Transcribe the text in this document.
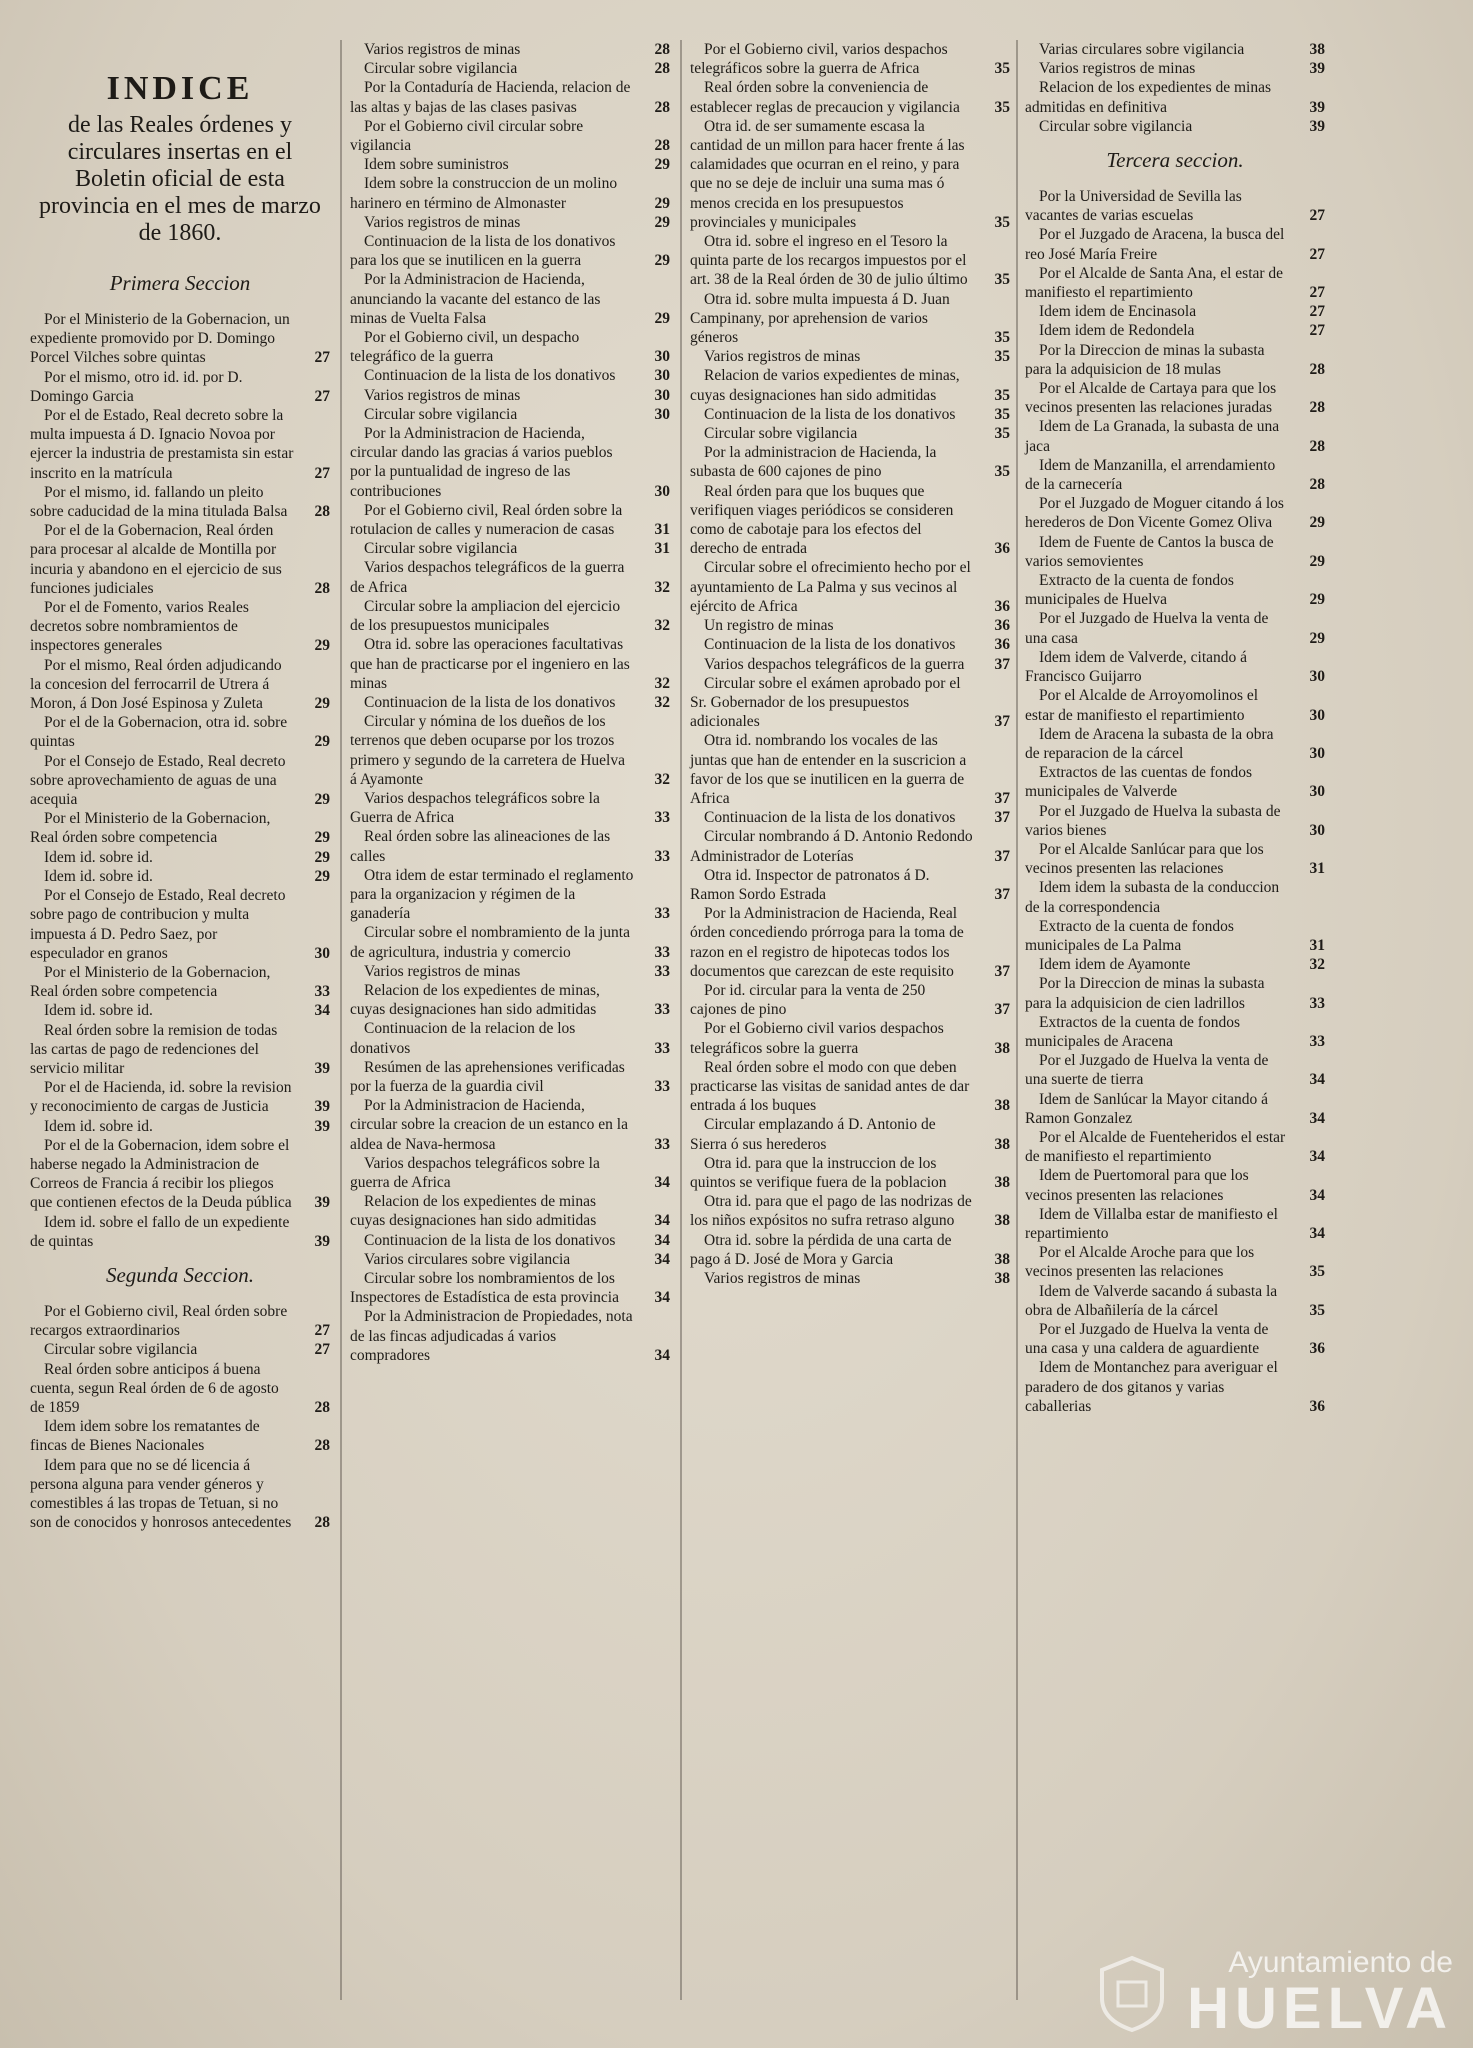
INDICE
de las Reales órdenes y circulares insertas en el Boletin oficial de esta provincia en el mes de marzo de 1860.
Primera Seccion
Por el Ministerio de la Gobernacion, un expediente promovido por D. Domingo Porcel Vilches sobre quintas	27
Por el mismo, otro id. id. por D. Domingo Garcia	27
Por el de Estado, Real decreto sobre la multa impuesta á D. Ignacio Novoa por ejercer la industria de prestamista sin estar inscrito en la matrícula	27
Por el mismo, id. fallando un pleito sobre caducidad de la mina titulada Balsa	28
Por el de la Gobernacion, Real órden para procesar al alcalde de Montilla por incuria y abandono en el ejercicio de sus funciones judiciales	28
Por el de Fomento, varios Reales decretos sobre nombramientos de inspectores generales	29
Por el mismo, Real órden adjudicando la concesion del ferrocarril de Utrera á Moron, á Don José Espinosa y Zuleta	29
Por el de la Gobernacion, otra id. sobre quintas	29
Por el Consejo de Estado, Real decreto sobre aprovechamiento de aguas de una acequia	29
Por el Ministerio de la Gobernacion, Real órden sobre competencia	29
Idem id. sobre id.	29
Idem id. sobre id.	29
Por el Consejo de Estado, Real decreto sobre pago de contribucion y multa impuesta á D. Pedro Saez, por especulador en granos	30
Por el Ministerio de la Gobernacion, Real órden sobre competencia	33
Idem id. sobre id.	34
Real órden sobre la remision de todas las cartas de pago de redenciones del servicio militar	39
Por el de Hacienda, id. sobre la revision y reconocimiento de cargas de Justicia	39
Idem id. sobre id.	39
Por el de la Gobernacion, idem sobre el haberse negado la Administracion de Correos de Francia á recibir los pliegos que contienen efectos de la Deuda pública	39
Idem id. sobre el fallo de un expediente de quintas	39
Segunda Seccion.
Por el Gobierno civil, Real órden sobre recargos extraordinarios	27
Circular sobre vigilancia	27
Real órden sobre anticipos á buena cuenta, segun Real órden de 6 de agosto de 1859	28
Idem idem sobre los rematantes de fincas de Bienes Nacionales	28
Idem para que no se dé licencia á persona alguna para vender géneros y comestibles á las tropas de Tetuan, si no son de conocidos y honrosos antecedentes	28
Varios registros de minas	28
Circular sobre vigilancia	28
Por la Contaduría de Hacienda, relacion de las altas y bajas de las clases pasivas	28
Por el Gobierno civil circular sobre vigilancia	28
Idem sobre suministros	29
Idem sobre la construccion de un molino harinero en término de Almonaster	29
Varios registros de minas	29
Continuacion de la lista de los donativos para los que se inutilicen en la guerra	29
Por la Administracion de Hacienda, anunciando la vacante del estanco de las minas de Vuelta Falsa	29
Por el Gobierno civil, un despacho telegráfico de la guerra	30
Continuacion de la lista de los donativos	30
Varios registros de minas	30
Circular sobre vigilancia	30
Por la Administracion de Hacienda, circular dando las gracias á varios pueblos por la puntualidad de ingreso de las contribuciones	30
Por el Gobierno civil, Real órden sobre la rotulacion de calles y numeracion de casas	31
Circular sobre vigilancia	31
Varios despachos telegráficos de la guerra de Africa	32
Circular sobre la ampliacion del ejercicio de los presupuestos municipales	32
Otra id. sobre las operaciones facultativas que han de practicarse por el ingeniero en las minas	32
Continuacion de la lista de los donativos	32
Circular y nómina de los dueños de los terrenos que deben ocuparse por los trozos primero y segundo de la carretera de Huelva á Ayamonte	32
Varios despachos telegráficos sobre la Guerra de Africa	33
Real órden sobre las alineaciones de las calles	33
Otra idem de estar terminado el reglamento para la organizacion y régimen de la ganadería	33
Circular sobre el nombramiento de la junta de agricultura, industria y comercio	33
Varios registros de minas	33
Relacion de los expedientes de minas, cuyas designaciones han sido admitidas	33
Continuacion de la relacion de los donativos	33
Resúmen de las aprehensiones verificadas por la fuerza de la guardia civil	33
Por la Administracion de Hacienda, circular sobre la creacion de un estanco en la aldea de Nava-hermosa	33
Varios despachos telegráficos sobre la guerra de Africa	34
Relacion de los expedientes de minas cuyas designaciones han sido admitidas	34
Continuacion de la lista de los donativos	34
Varios circulares sobre vigilancia	34
Circular sobre los nombramientos de los Inspectores de Estadística de esta provincia	34
Por la Administracion de Propiedades, nota de las fincas adjudicadas á varios compradores	34
Por el Gobierno civil, varios despachos telegráficos sobre la guerra de Africa	35
Real órden sobre la conveniencia de establecer reglas de precaucion y vigilancia	35
Otra id. de ser sumamente escasa la cantidad de un millon para hacer frente á las calamidades que ocurran en el reino, y para que no se deje de incluir una suma mas ó menos crecida en los presupuestos provinciales y municipales	35
Otra id. sobre el ingreso en el Tesoro la quinta parte de los recargos impuestos por el art. 38 de la Real órden de 30 de julio último	35
Otra id. sobre multa impuesta á D. Juan Campinany, por aprehension de varios géneros	35
Varios registros de minas	35
Relacion de varios expedientes de minas, cuyas designaciones han sido admitidas	35
Continuacion de la lista de los donativos	35
Circular sobre vigilancia	35
Por la administracion de Hacienda, la subasta de 600 cajones de pino	35
Real órden para que los buques que verifiquen viages periódicos se consideren como de cabotaje para los efectos del derecho de entrada	36
Circular sobre el ofrecimiento hecho por el ayuntamiento de La Palma y sus vecinos al ejército de Africa	36
Un registro de minas	36
Continuacion de la lista de los donativos	36
Varios despachos telegráficos de la guerra	37
Circular sobre el exámen aprobado por el Sr. Gobernador de los presupuestos adicionales	37
Otra id. nombrando los vocales de las juntas que han de entender en la suscricion a favor de los que se inutilicen en la guerra de Africa	37
Continuacion de la lista de los donativos	37
Circular nombrando á D. Antonio Redondo Administrador de Loterías	37
Otra id. Inspector de patronatos á D. Ramon Sordo Estrada	37
Por la Administracion de Hacienda, Real órden concediendo prórroga para la toma de razon en el registro de hipotecas todos los documentos que carezcan de este requisito	37
Por id. circular para la venta de 250 cajones de pino	37
Por el Gobierno civil varios despachos telegráficos sobre la guerra	38
Real órden sobre el modo con que deben practicarse las visitas de sanidad antes de dar entrada á los buques	38
Circular emplazando á D. Antonio de Sierra ó sus herederos	38
Otra id. para que la instruccion de los quintos se verifique fuera de la poblacion	38
Otra id. para que el pago de las nodrizas de los niños expósitos no sufra retraso alguno	38
Otra id. sobre la pérdida de una carta de pago á D. José de Mora y Garcia	38
Varios registros de minas	38
Varias circulares sobre vigilancia	38
Varios registros de minas	39
Relacion de los expedientes de minas admitidas en definitiva	39
Circular sobre vigilancia	39
Tercera seccion.
Por la Universidad de Sevilla las vacantes de varias escuelas	27
Por el Juzgado de Aracena, la busca del reo José María Freire	27
Por el Alcalde de Santa Ana, el estar de manifiesto el repartimiento	27
Idem idem de Encinasola	27
Idem idem de Redondela	27
Por la Direccion de minas la subasta para la adquisicion de 18 mulas	28
Por el Alcalde de Cartaya para que los vecinos presenten las relaciones juradas	28
Idem de La Granada, la subasta de una jaca	28
Idem de Manzanilla, el arrendamiento de la carnecería	28
Por el Juzgado de Moguer citando á los herederos de Don Vicente Gomez Oliva	29
Idem de Fuente de Cantos la busca de varios semovientes	29
Extracto de la cuenta de fondos municipales de Huelva	29
Por el Juzgado de Huelva la venta de una casa	29
Idem idem de Valverde, citando á Francisco Guijarro	30
Por el Alcalde de Arroyomolinos el estar de manifiesto el repartimiento	30
Idem de Aracena la subasta de la obra de reparacion de la cárcel	30
Extractos de las cuentas de fondos municipales de Valverde	30
Por el Juzgado de Huelva la subasta de varios bienes	30
Por el Alcalde Sanlúcar para que los vecinos presenten las relaciones	31
Idem idem la subasta de la conduccion de la correspondencia
Extracto de la cuenta de fondos municipales de La Palma	31
Idem idem de Ayamonte	32
Por la Direccion de minas la subasta para la adquisicion de cien ladrillos	33
Extractos de la cuenta de fondos municipales de Aracena	33
Por el Juzgado de Huelva la venta de una suerte de tierra	34
Idem de Sanlúcar la Mayor citando á Ramon Gonzalez	34
Por el Alcalde de Fuenteheridos el estar de manifiesto el repartimiento	34
Idem de Puertomoral para que los vecinos presenten las relaciones	34
Idem de Villalba estar de manifiesto el repartimiento	34
Por el Alcalde Aroche para que los vecinos presenten las relaciones	35
Idem de Valverde sacando á subasta la obra de Albañilería de la cárcel	35
Por el Juzgado de Huelva la venta de una casa y una caldera de aguardiente	36
Idem de Montanchez para averiguar el paradero de dos gitanos y varias caballerias	36
Ayuntamiento de
HUELVA
